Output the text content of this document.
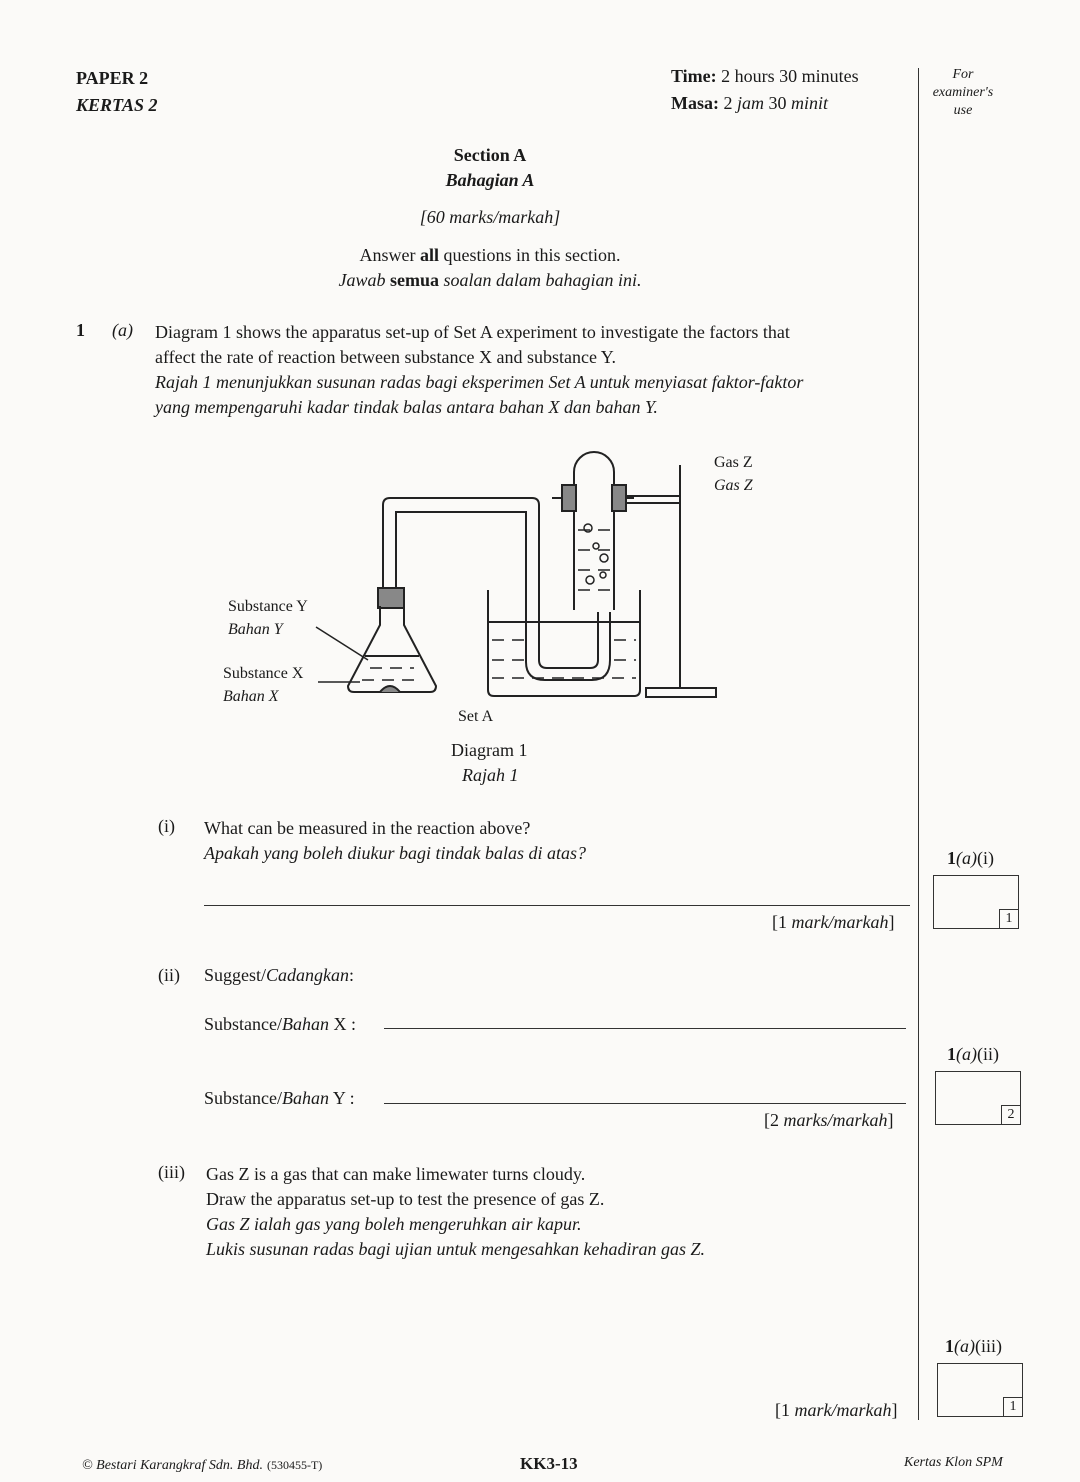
PAPER 2
KERTAS 2
Time: 2 hours 30 minutes
Masa: 2 jam 30 minit
For
examiner's
use
Section A
Bahagian A
[60 marks/markah]
Answer all questions in this section.
Jawab semua soalan dalam bahagian ini.
1 (a) Diagram 1 shows the apparatus set-up of Set A experiment to investigate the factors that
affect the rate of reaction between substance X and substance Y.
Rajah 1 menunjukkan susunan radas bagi eksperimen Set A untuk menyiasat faktor-faktor
yang mempengaruhi kadar tindak balas antara bahan X dan bahan Y.
Gas Z
Gas Z
Substance Y
Bahan Y
Substance X
Bahan X
Set A
Diagram 1
Rajah 1
(i) What can be measured in the reaction above?
Apakah yang boleh diukur bagi tindak balas di atas?
[1 mark/markah]
1(a)(i)
1
(ii) Suggest/Cadangkan:
Substance/Bahan X :
Substance/Bahan Y :
[2 marks/markah]
1(a)(ii)
2
(iii) Gas Z is a gas that can make limewater turns cloudy.
Draw the apparatus set-up to test the presence of gas Z.
Gas Z ialah gas yang boleh mengeruhkan air kapur.
Lukis susunan radas bagi ujian untuk mengesahkan kehadiran gas Z.
[1 mark/markah]
1(a)(iii)
1
© Bestari Karangkraf Sdn. Bhd. (530455-T)	KK3-13	Kertas Klon SPM
